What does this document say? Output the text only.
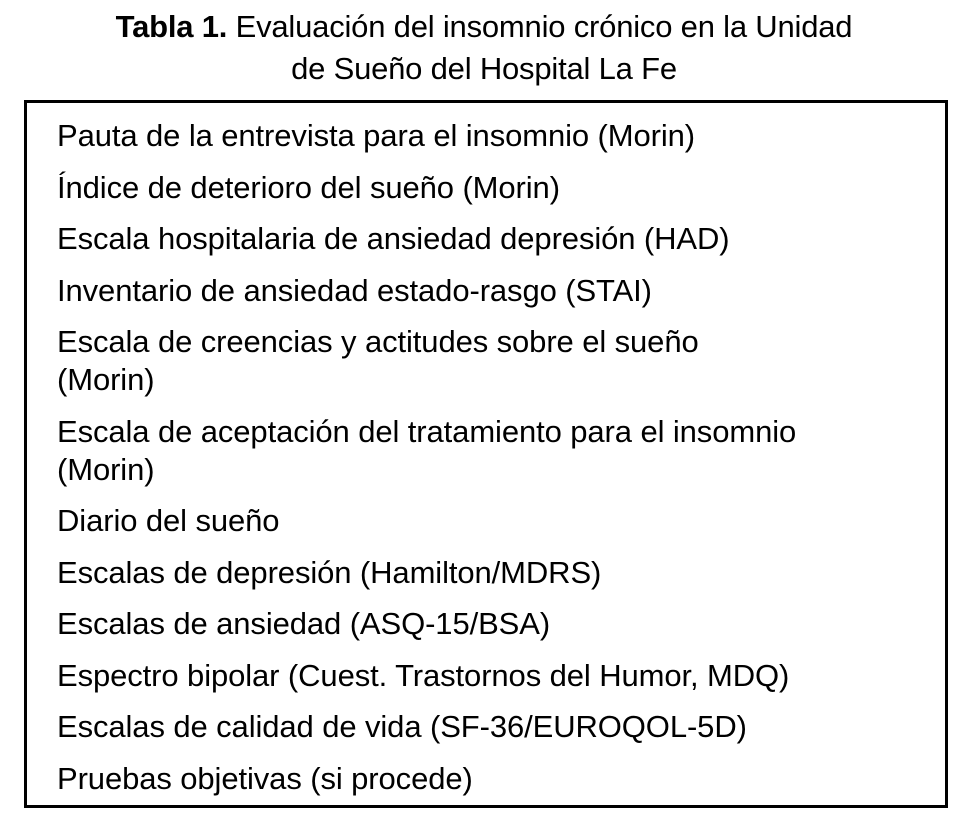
Tabla 1. Evaluación del insomnio crónico en la Unidad
de Sueño del Hospital La Fe
Pauta de la entrevista para el insomnio (Morin)
Índice de deterioro del sueño (Morin)
Escala hospitalaria de ansiedad depresión (HAD)
Inventario de ansiedad estado-rasgo (STAI)
Escala de creencias y actitudes sobre el sueño
(Morin)
Escala de aceptación del tratamiento para el insomnio
(Morin)
Diario del sueño
Escalas de depresión (Hamilton/MDRS)
Escalas de ansiedad (ASQ-15/BSA)
Espectro bipolar (Cuest. Trastornos del Humor, MDQ)
Escalas de calidad de vida (SF-36/EUROQOL-5D)
Pruebas objetivas (si procede)
